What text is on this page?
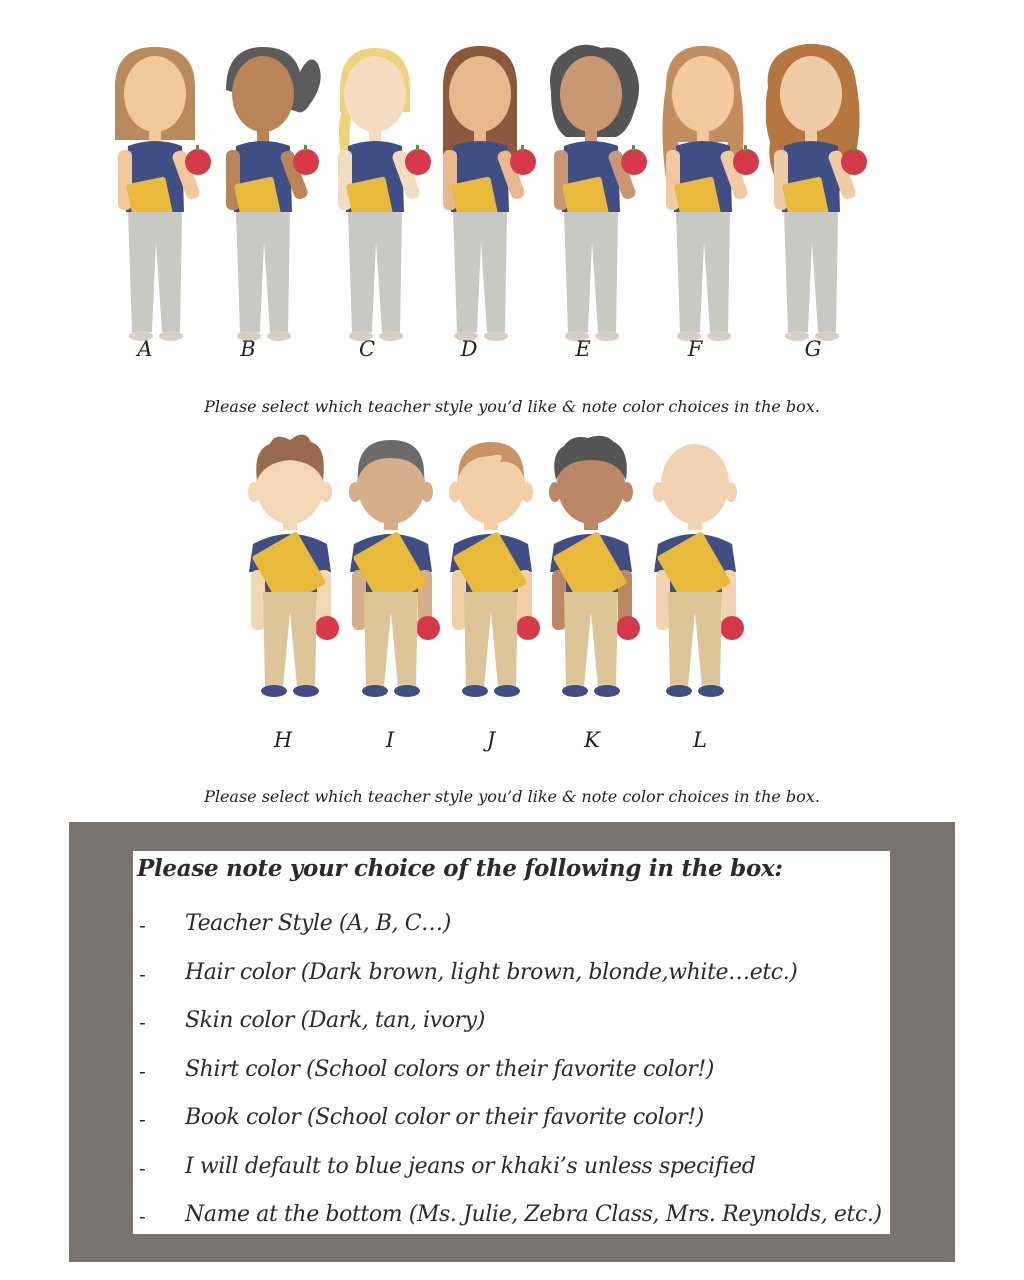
A	B	C	D	E	F	G
H	I	J	K	L
Please select which teacher style you’d like & note color choices in the box.
Please select which teacher style you’d like & note color choices in the box.
Please note your choice of the following in the box:
- Teacher Style (A, B, C…)
- Hair color (Dark brown, light brown, blonde,white…etc.)
- Skin color (Dark, tan, ivory)
- Shirt color (School colors or their favorite color!)
- Book color (School color or their favorite color!)
- I will default to blue jeans or khaki’s unless specified
- Name at the bottom (Ms. Julie, Zebra Class, Mrs. Reynolds, etc.)
